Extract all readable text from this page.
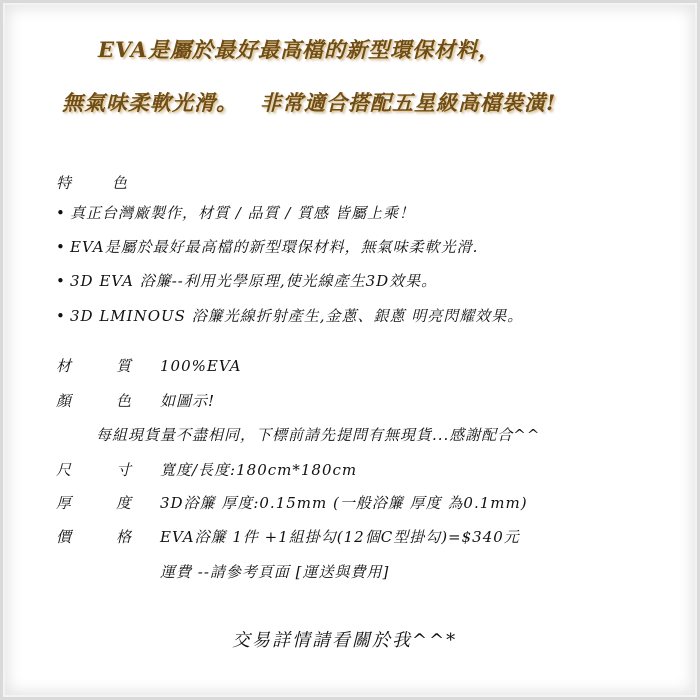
EVA是屬於最好最高檔的新型環保材料，
無氣味柔軟光滑。 非常適合搭配五星級高檔裝潢!
特	色
• 真正台灣廠製作，材質 / 品質 / 質感 皆屬上乘！
• EVA是屬於最好最高檔的新型環保材料，無氣味柔軟光滑.
• 3D EVA 浴簾--利用光學原理,使光線產生3D效果。
• 3D LMINOUS 浴簾光線折射產生,金蔥、銀蔥 明亮閃耀效果。
材	質 100%EVA
顏	色 如圖示!
每組現貨量不盡相同，下標前請先提問有無現貨...感謝配合^^
尺	寸 寬度/長度:180cm*180cm
厚	度 3D浴簾 厚度:0.15mm (一般浴簾 厚度 為0.1mm)
價	格 EVA浴簾 1件 +1組掛勾(12個C型掛勾)=$340元
運費 --請參考頁面 [運送與費用]
交易詳情請看關於我^^*
